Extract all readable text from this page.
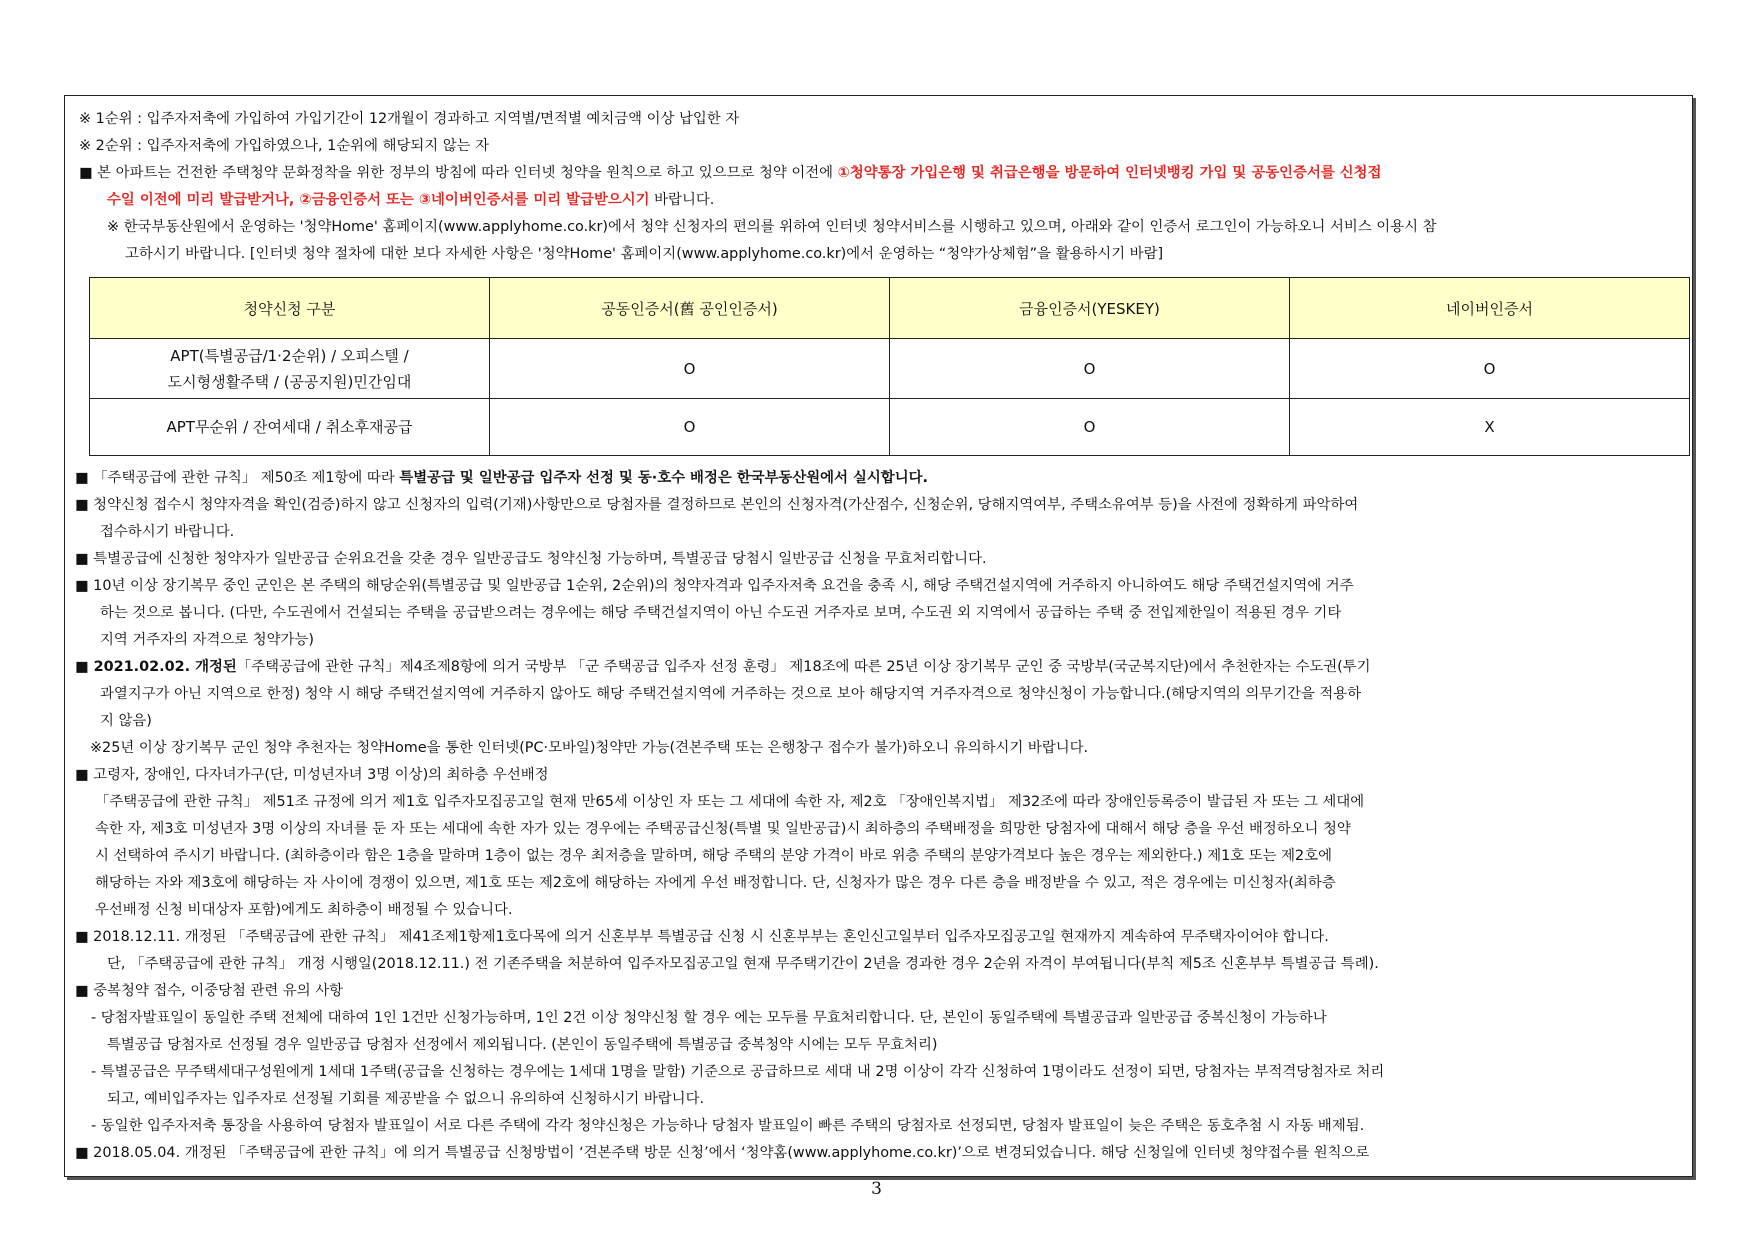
※ 1순위 : 입주자저축에 가입하여 가입기간이 12개월이 경과하고 지역별/면적별 예치금액 이상 납입한 자
※ 2순위 : 입주자저축에 가입하였으나, 1순위에 해당되지 않는 자
■ 본 아파트는 건전한 주택청약 문화정착을 위한 정부의 방침에 따라 인터넷 청약을 원칙으로 하고 있으므로 청약 이전에 ①청약통장 가입은행 및 취급은행을 방문하여 인터넷뱅킹 가입 및 공동인증서를 신청접
수일 이전에 미리 발급받거나, ②금융인증서 또는 ③네이버인증서를 미리 발급받으시기 바랍니다.
※ 한국부동산원에서 운영하는 '청약Home' 홈페이지(www.applyhome.co.kr)에서 청약 신청자의 편의를 위하여 인터넷 청약서비스를 시행하고 있으며, 아래와 같이 인증서 로그인이 가능하오니 서비스 이용시 참
고하시기 바랍니다. [인터넷 청약 절차에 대한 보다 자세한 사항은 '청약Home' 홈페이지(www.applyhome.co.kr)에서 운영하는 “청약가상체험”을 활용하시기 바람]
청약신청 구분	공동인증서(舊 공인인증서)	금융인증서(YESKEY)	네이버인증서

APT(특별공급/1·2순위) / 오피스텔 /
도시형생활주택 / (공공지원)민간임대	O	O	O
APT무순위 / 잔여세대 / 취소후재공급	O	O	X
■ 「주택공급에 관한 규칙」 제50조 제1항에 따라 특별공급 및 일반공급 입주자 선정 및 동·호수 배정은 한국부동산원에서 실시합니다.
■ 청약신청 접수시 청약자격을 확인(검증)하지 않고 신청자의 입력(기재)사항만으로 당첨자를 결정하므로 본인의 신청자격(가산점수, 신청순위, 당해지역여부, 주택소유여부 등)을 사전에 정확하게 파악하여
접수하시기 바랍니다.
■ 특별공급에 신청한 청약자가 일반공급 순위요건을 갖춘 경우 일반공급도 청약신청 가능하며, 특별공급 당첨시 일반공급 신청을 무효처리합니다.
■ 10년 이상 장기복무 중인 군인은 본 주택의 해당순위(특별공급 및 일반공급 1순위, 2순위)의 청약자격과 입주자저축 요건을 충족 시, 해당 주택건설지역에 거주하지 아니하여도 해당 주택건설지역에 거주
하는 것으로 봅니다. (다만, 수도권에서 건설되는 주택을 공급받으려는 경우에는 해당 주택건설지역이 아닌 수도권 거주자로 보며, 수도권 외 지역에서 공급하는 주택 중 전입제한일이 적용된 경우 기타
지역 거주자의 자격으로 청약가능)
■ 2021.02.02. 개정된「주택공급에 관한 규칙」제4조제8항에 의거 국방부 「군 주택공급 입주자 선정 훈령」 제18조에 따른 25년 이상 장기복무 군인 중 국방부(국군복지단)에서 추천한자는 수도권(투기
과열지구가 아닌 지역으로 한정) 청약 시 해당 주택건설지역에 거주하지 않아도 해당 주택건설지역에 거주하는 것으로 보아 해당지역 거주자격으로 청약신청이 가능합니다.(해당지역의 의무기간을 적용하
지 않음)
※25년 이상 장기복무 군인 청약 추천자는 청약Home을 통한 인터넷(PC·모바일)청약만 가능(견본주택 또는 은행창구 접수가 불가)하오니 유의하시기 바랍니다.
■ 고령자, 장애인, 다자녀가구(단, 미성년자녀 3명 이상)의 최하층 우선배정
「주택공급에 관한 규칙」 제51조 규정에 의거 제1호 입주자모집공고일 현재 만65세 이상인 자 또는 그 세대에 속한 자, 제2호 「장애인복지법」 제32조에 따라 장애인등록증이 발급된 자 또는 그 세대에
속한 자, 제3호 미성년자 3명 이상의 자녀를 둔 자 또는 세대에 속한 자가 있는 경우에는 주택공급신청(특별 및 일반공급)시 최하층의 주택배정을 희망한 당첨자에 대해서 해당 층을 우선 배정하오니 청약
시 선택하여 주시기 바랍니다. (최하층이라 함은 1층을 말하며 1층이 없는 경우 최저층을 말하며, 해당 주택의 분양 가격이 바로 위층 주택의 분양가격보다 높은 경우는 제외한다.) 제1호 또는 제2호에
해당하는 자와 제3호에 해당하는 자 사이에 경쟁이 있으면, 제1호 또는 제2호에 해당하는 자에게 우선 배정합니다. 단, 신청자가 많은 경우 다른 층을 배정받을 수 있고, 적은 경우에는 미신청자(최하층
우선배정 신청 비대상자 포함)에게도 최하층이 배정될 수 있습니다.
■ 2018.12.11. 개정된 「주택공급에 관한 규칙」 제41조제1항제1호다목에 의거 신혼부부 특별공급 신청 시 신혼부부는 혼인신고일부터 입주자모집공고일 현재까지 계속하여 무주택자이어야 합니다.
단, 「주택공급에 관한 규칙」 개정 시행일(2018.12.11.) 전 기존주택을 처분하여 입주자모집공고일 현재 무주택기간이 2년을 경과한 경우 2순위 자격이 부여됩니다(부칙 제5조 신혼부부 특별공급 특례).
■ 중복청약 접수, 이중당첨 관련 유의 사항
- 당첨자발표일이 동일한 주택 전체에 대하여 1인 1건만 신청가능하며, 1인 2건 이상 청약신청 할 경우 에는 모두를 무효처리합니다. 단, 본인이 동일주택에 특별공급과 일반공급 중복신청이 가능하나
특별공급 당첨자로 선정될 경우 일반공급 당첨자 선정에서 제외됩니다. (본인이 동일주택에 특별공급 중복청약 시에는 모두 무효처리)
- 특별공급은 무주택세대구성원에게 1세대 1주택(공급을 신청하는 경우에는 1세대 1명을 말함) 기준으로 공급하므로 세대 내 2명 이상이 각각 신청하여 1명이라도 선정이 되면, 당첨자는 부적격당첨자로 처리
되고, 예비입주자는 입주자로 선정될 기회를 제공받을 수 없으니 유의하여 신청하시기 바랍니다.
- 동일한 입주자저축 통장을 사용하여 당첨자 발표일이 서로 다른 주택에 각각 청약신청은 가능하나 당첨자 발표일이 빠른 주택의 당첨자로 선정되면, 당첨자 발표일이 늦은 주택은 동호추첨 시 자동 배제됨.
■ 2018.05.04. 개정된 「주택공급에 관한 규칙」에 의거 특별공급 신청방법이 ‘견본주택 방문 신청’에서 ‘청약홈(www.applyhome.co.kr)’으로 변경되었습니다. 해당 신청일에 인터넷 청약접수를 원칙으로
3
